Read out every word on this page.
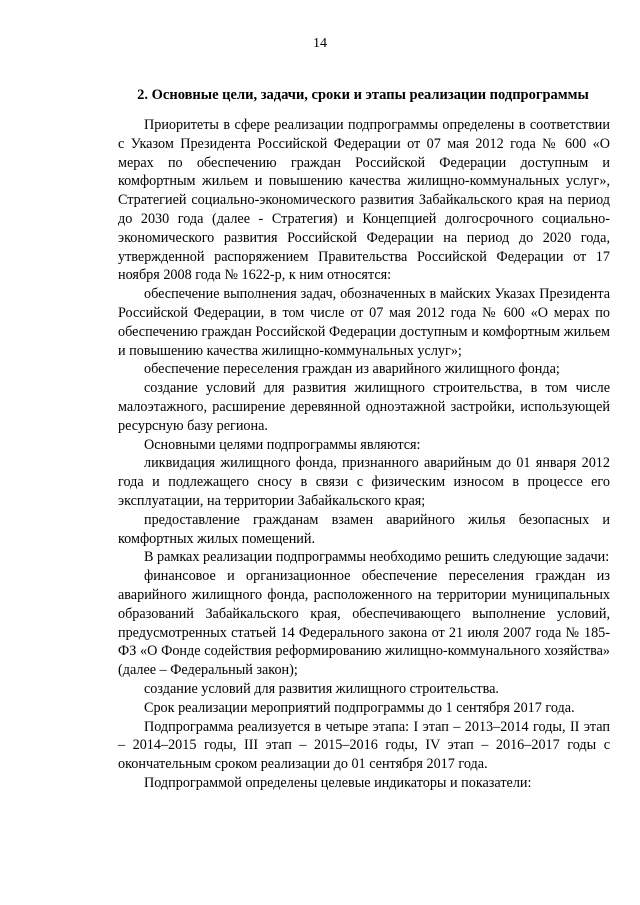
14
2. Основные цели, задачи, сроки и этапы реализации подпрограммы

Приоритеты в сфере реализации подпрограммы определены в соответствии с Указом Президента Российской Федерации от 07 мая 2012 года № 600 «О мерах по обеспечению граждан Российской Федерации доступным и комфортным жильем и повышению качества жилищно-коммунальных услуг», Стратегией социально-экономического развития Забайкальского края на период до 2030 года (далее - Стратегия) и Концепцией долгосрочного социально-экономического развития Российской Федерации на период до 2020 года, утвержденной распоряжением Правительства Российской Федерации от 17 ноября 2008 года № 1622-р, к ним относятся:

обеспечение выполнения задач, обозначенных в майских Указах Президента Российской Федерации, в том числе от 07 мая 2012 года № 600 «О мерах по обеспечению граждан Российской Федерации доступным и комфортным жильем и повышению качества жилищно-коммунальных услуг»;

обеспечение переселения граждан из аварийного жилищного фонда;

создание условий для развития жилищного строительства, в том числе малоэтажного, расширение деревянной одноэтажной застройки, использующей ресурсную базу региона.

Основными целями подпрограммы являются:

ликвидация жилищного фонда, признанного аварийным до 01 января 2012 года и подлежащего сносу в связи с физическим износом в процессе его эксплуатации, на территории Забайкальского края;

предоставление гражданам взамен аварийного жилья безопасных и комфортных жилых помещений.

В рамках реализации подпрограммы необходимо решить следующие задачи:

финансовое и организационное обеспечение переселения граждан из аварийного жилищного фонда, расположенного на территории муниципальных образований Забайкальского края, обеспечивающего выполнение условий, предусмотренных статьей 14 Федерального закона от 21 июля 2007 года № 185-ФЗ «О Фонде содействия реформированию жилищно-коммунального хозяйства» (далее – Федеральный закон);

создание условий для развития жилищного строительства.

Срок реализации мероприятий подпрограммы до 1 сентября 2017 года.

Подпрограмма реализуется в четыре этапа: I этап – 2013–2014 годы, II этап – 2014–2015 годы, III этап – 2015–2016 годы, IV этап – 2016–2017 годы с окончательным сроком реализации до 01 сентября 2017 года.

Подпрограммой определены целевые индикаторы и показатели:
